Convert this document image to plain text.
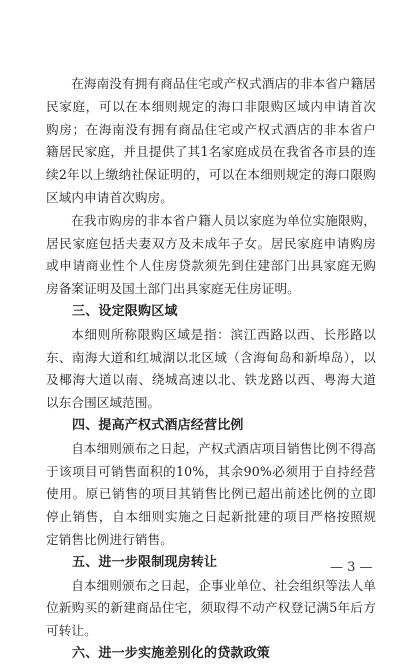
在海南没有拥有商品住宅或产权式酒店的非本省户籍居民家庭，可以在本细则规定的海口非限购区域内申请首次购房；在海南没有拥有商品住宅或产权式酒店的非本省户籍居民家庭，并且提供了其1名家庭成员在我省各市县的连续2年以上缴纳社保证明的，可以在本细则规定的海口限购区域内申请首次购房。

在我市购房的非本省户籍人员以家庭为单位实施限购，居民家庭包括夫妻双方及未成年子女。居民家庭申请购房或申请商业性个人住房贷款须先到住建部门出具家庭无购房备案证明及国土部门出具家庭无住房证明。

三、设定限购区域

本细则所称限购区域是指：滨江西路以西、长彤路以东、南海大道和红城湖以北区域（含海甸岛和新埠岛），以及椰海大道以南、绕城高速以北、铁龙路以西、粤海大道以东合围区域范围。

四、提高产权式酒店经营比例

自本细则颁布之日起，产权式酒店项目销售比例不得高于该项目可销售面积的10%，其余90%必须用于自持经营使用。原已销售的项目其销售比例已超出前述比例的立即停止销售，自本细则实施之日起新批建的项目严格按照规定销售比例进行销售。

五、进一步限制现房转让

自本细则颁布之日起，企事业单位、社会组织等法人单位新购买的新建商品住宅，须取得不动产权登记满5年后方可转让。

六、进一步实施差别化的贷款政策

— 3 —
